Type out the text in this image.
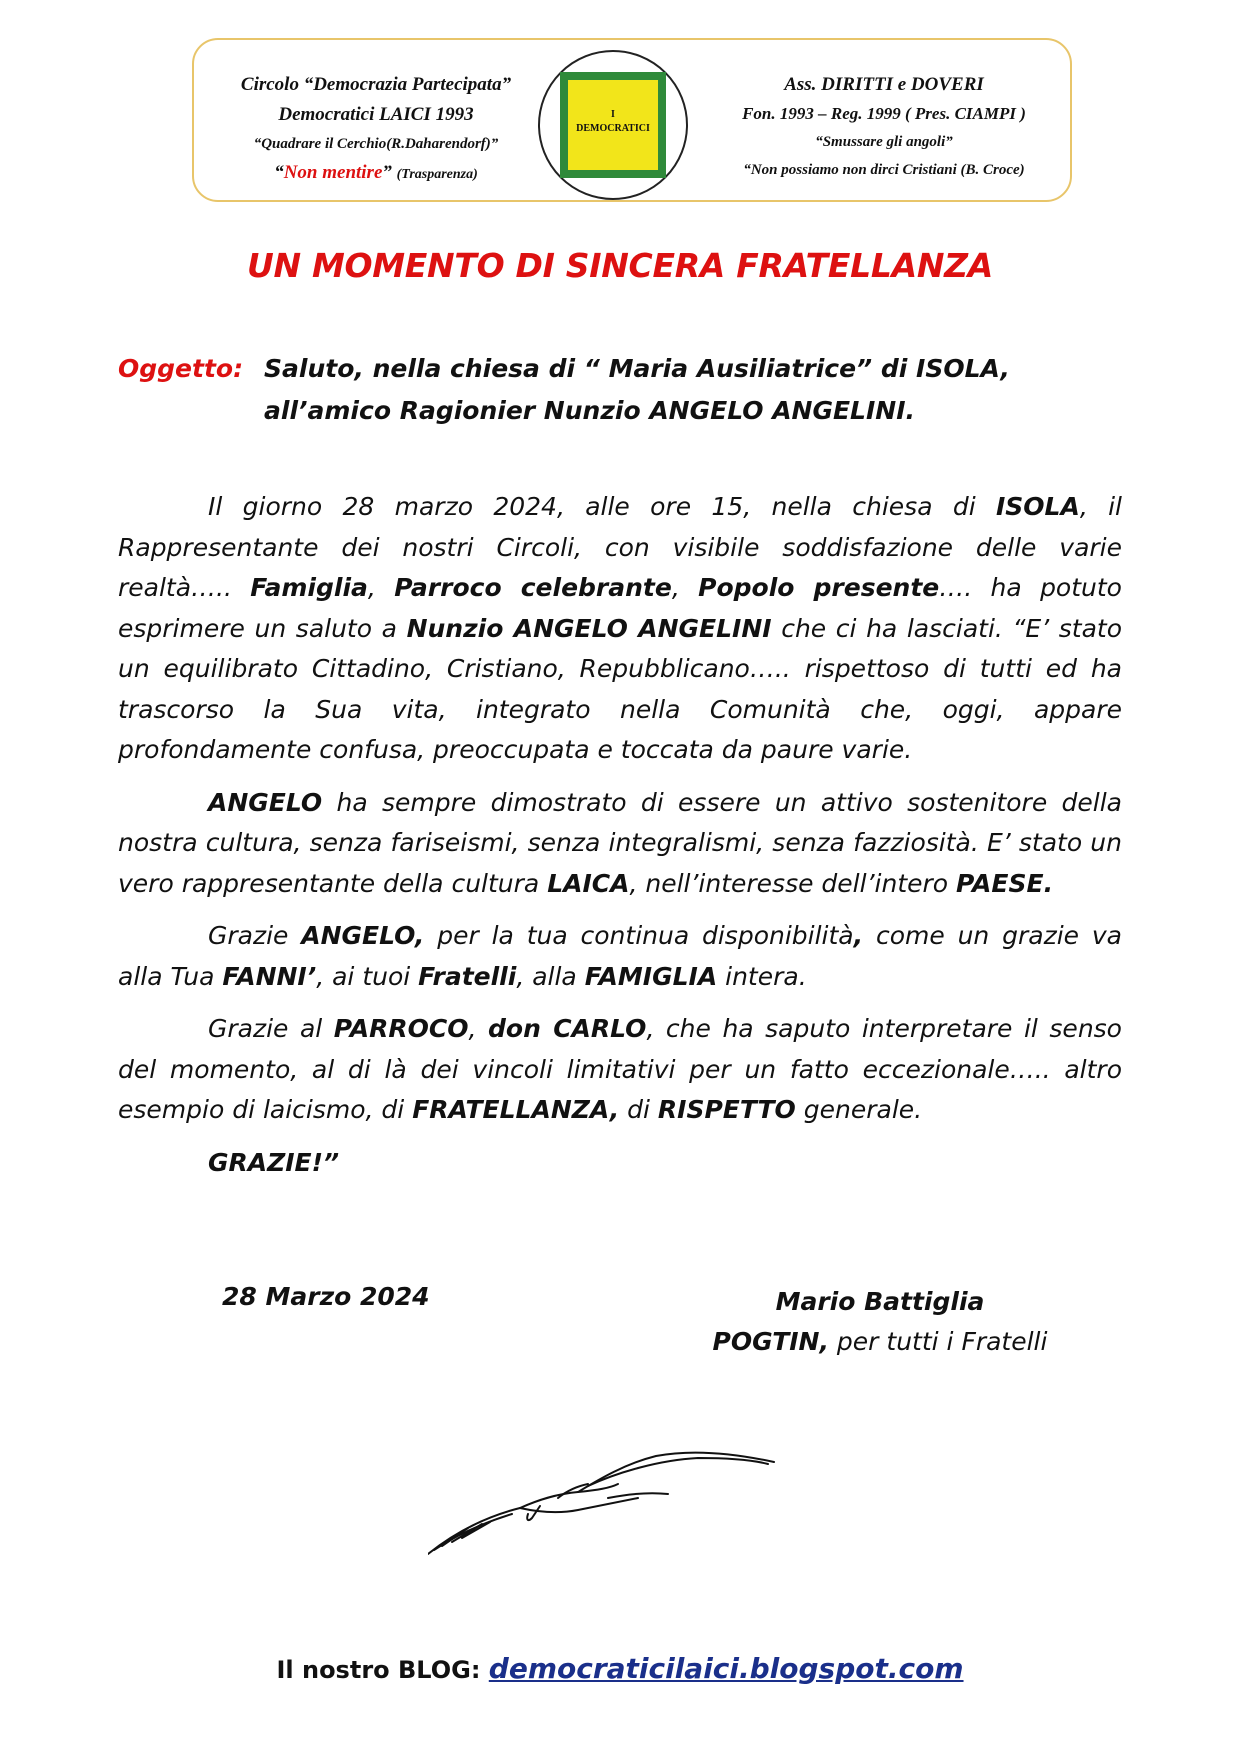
Circolo “Democrazia Partecipata”
Democratici LAICI 1993
“Quadrare il Cerchio(R.Daharendorf)”
“Non mentire” (Trasparenza)
Ass. DIRITTI e DOVERI
Fon. 1993 – Reg. 1999 ( Pres. CIAMPI )
“Smussare gli angoli”
“Non possiamo non dirci Cristiani (B. Croce)
I
DEMOCRATICI
UN MOMENTO DI SINCERA FRATELLANZA
Oggetto: Saluto, nella chiesa di “ Maria Ausiliatrice” di ISOLA, all’amico Ragionier Nunzio ANGELO ANGELINI.

Il giorno 28 marzo 2024, alle ore 15, nella chiesa di ISOLA, il Rappresentante dei nostri Circoli, con visibile soddisfazione delle varie realtà….. Famiglia, Parroco celebrante, Popolo presente…. ha potuto esprimere un saluto a Nunzio ANGELO ANGELINI che ci ha lasciati. “E’ stato un equilibrato Cittadino, Cristiano, Repubblicano….. rispettoso di tutti ed ha trascorso la Sua vita, integrato nella Comunità che, oggi, appare profondamente confusa, preoccupata e toccata da paure varie.

ANGELO ha sempre dimostrato di essere un attivo sostenitore della nostra cultura, senza fariseismi, senza integralismi, senza fazziosità. E’ stato un vero rappresentante della cultura LAICA, nell’interesse dell’intero PAESE.

Grazie ANGELO, per la tua continua disponibilità, come un grazie va alla Tua FANNI’, ai tuoi Fratelli, alla FAMIGLIA intera.

Grazie al PARROCO, don CARLO, che ha saputo interpretare il senso del momento, al di là dei vincoli limitativi per un fatto eccezionale….. altro esempio di laicismo, di FRATELLANZA, di RISPETTO generale.

GRAZIE!”

28 Marzo 2024	Mario Battiglia
POGTIN, per tutti i Fratelli
Il nostro BLOG: democraticilaici.blogspot.com
